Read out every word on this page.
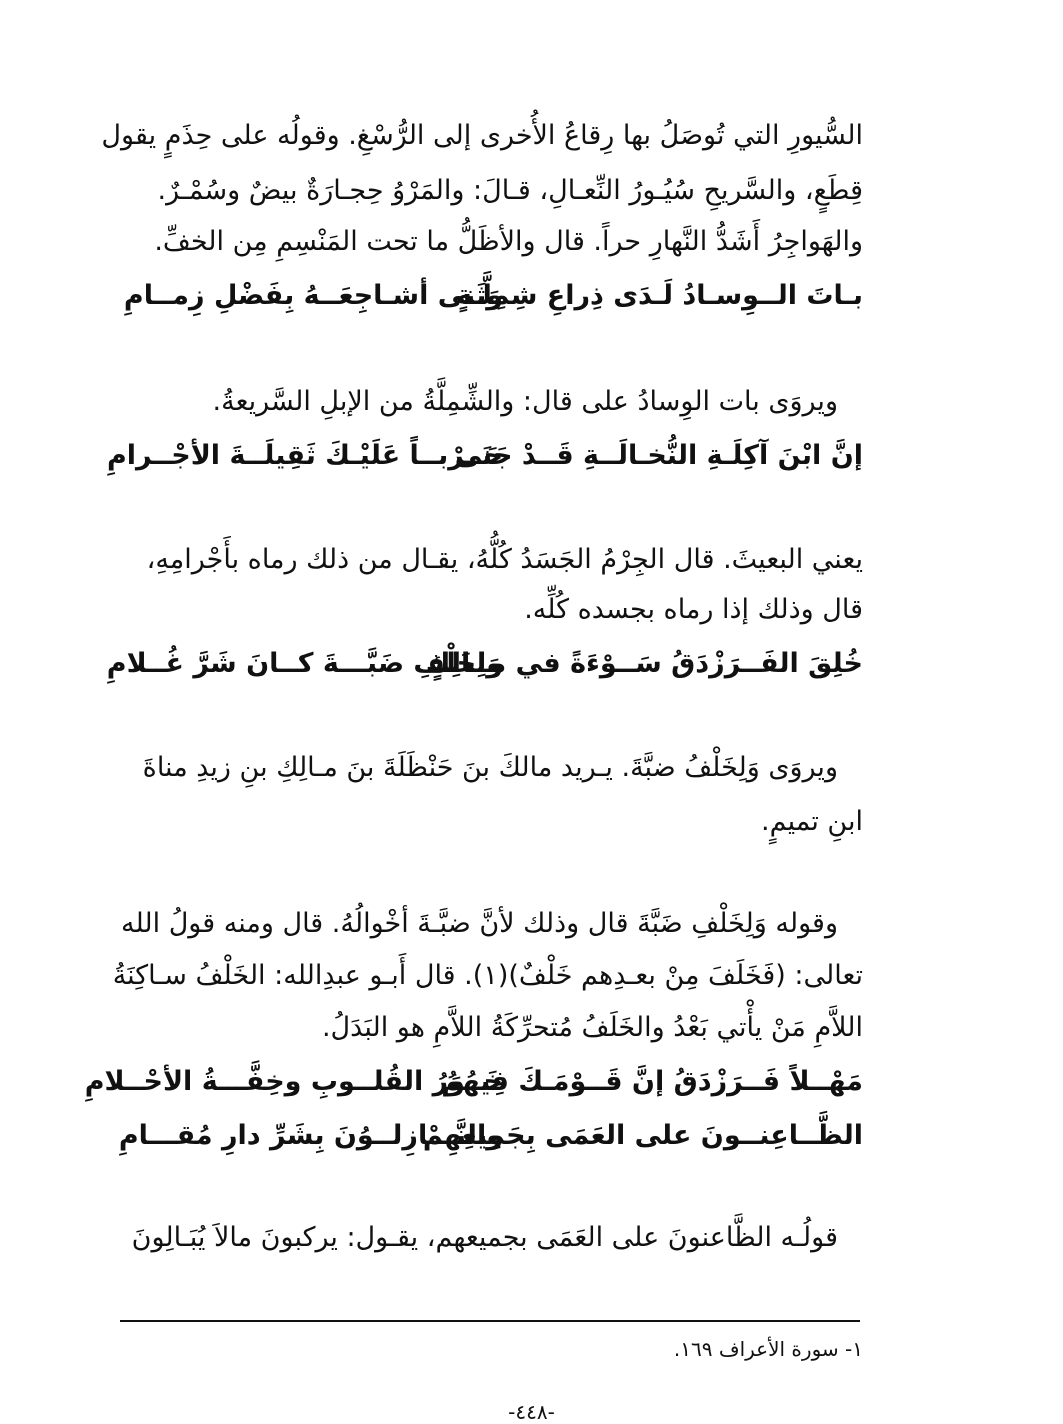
السُّيورِ التي تُوصَلُ بها رِقاعُ الأُخرى إلى الرُّسْغِ. وقولُه على حِذَمٍ يقول
قِطَعٍ، والسَّريحِ سُيُـورُ النِّعـالِ، قـالَ: والمَرْوُ حِجـارَةٌ بيضٌ وسُمْـرٌ.
والهَواجِرُ أَشَدُّ النَّهارِ حراً. قال والأظَلُّ ما تحت المَنْسِمِ مِن الخفِّ.
بـاتَ الــوِسـادُ لَـدَى ذِراعِ شِمِلَّـةٍ
وَثَنى أشـاجِعَــهُ بِفَضْلِ زِمــامِ
ويروَى بات الوِسادُ على قال: والشِّمِلَّةُ من الإبلِ السَّريعةُ.
إنَّ ابْنَ آكِلَـةِ النُّخـالَــةِ قَــدْ جَنَى
حَــرْبــاً عَلَيْـكَ ثَقِيلَــةَ الأجْــرامِ
يعني البعيثَ. قال الجِرْمُ الجَسَدُ كُلُّهُ، يقـال من ذلك رماه بأَجْرامِهِ،
قال وذلك إذا رماه بجسده كُلِّه.
خُلِقَ الفَــرَزْدَقُ سَــوْءَةً في مــالِكٍ
وَلِخَلْفِ ضَبَّـــةَ كــانَ شَرَّ غُــلامِ
ويروَى وَلِخَلْفُ ضبَّةَ. يـريد مالكَ بنَ حَنْظَلَةَ بنَ مـالِكِ بنِ زيدِ مناةَ
ابنِ تميمٍ.
وقوله وَلِخَلْفِ ضَبَّةَ قال وذلك لأنَّ ضبَّـةَ أخْوالُهُ. قال ومنه قولُ الله
تعالى: (فَخَلَفَ مِنْ بعـدِهم خَلْفٌ)(١). قال أَبـو عبدِالله: الخَلْفُ سـاكِنَةُ
اللاَّمِ مَنْ يأْتي بَعْدُ والخَلَفُ مُتحرِّكَةُ اللاَّمِ هو البَدَلُ.
مَهْــلاً فَــرَزْدَقُ إنَّ قَــوْمَـكَ فِيهُمُ
خَــوَرُ القُلــوبِ وخِفَّـــةُ الأحْــلامِ
الظَّــاعِنــونَ على العَمَى بِجَمِيعِهِمْ
والنَّـــازِلــوُنَ بِشَرِّ دارِ مُقـــامِ
قولُـه الظَّاعنونَ على العَمَى بجميعهم، يقـول: يركبونَ مالاَ يُبَـالِونَ
١- سورة الأعراف ١٦٩.
-٤٤٨-
